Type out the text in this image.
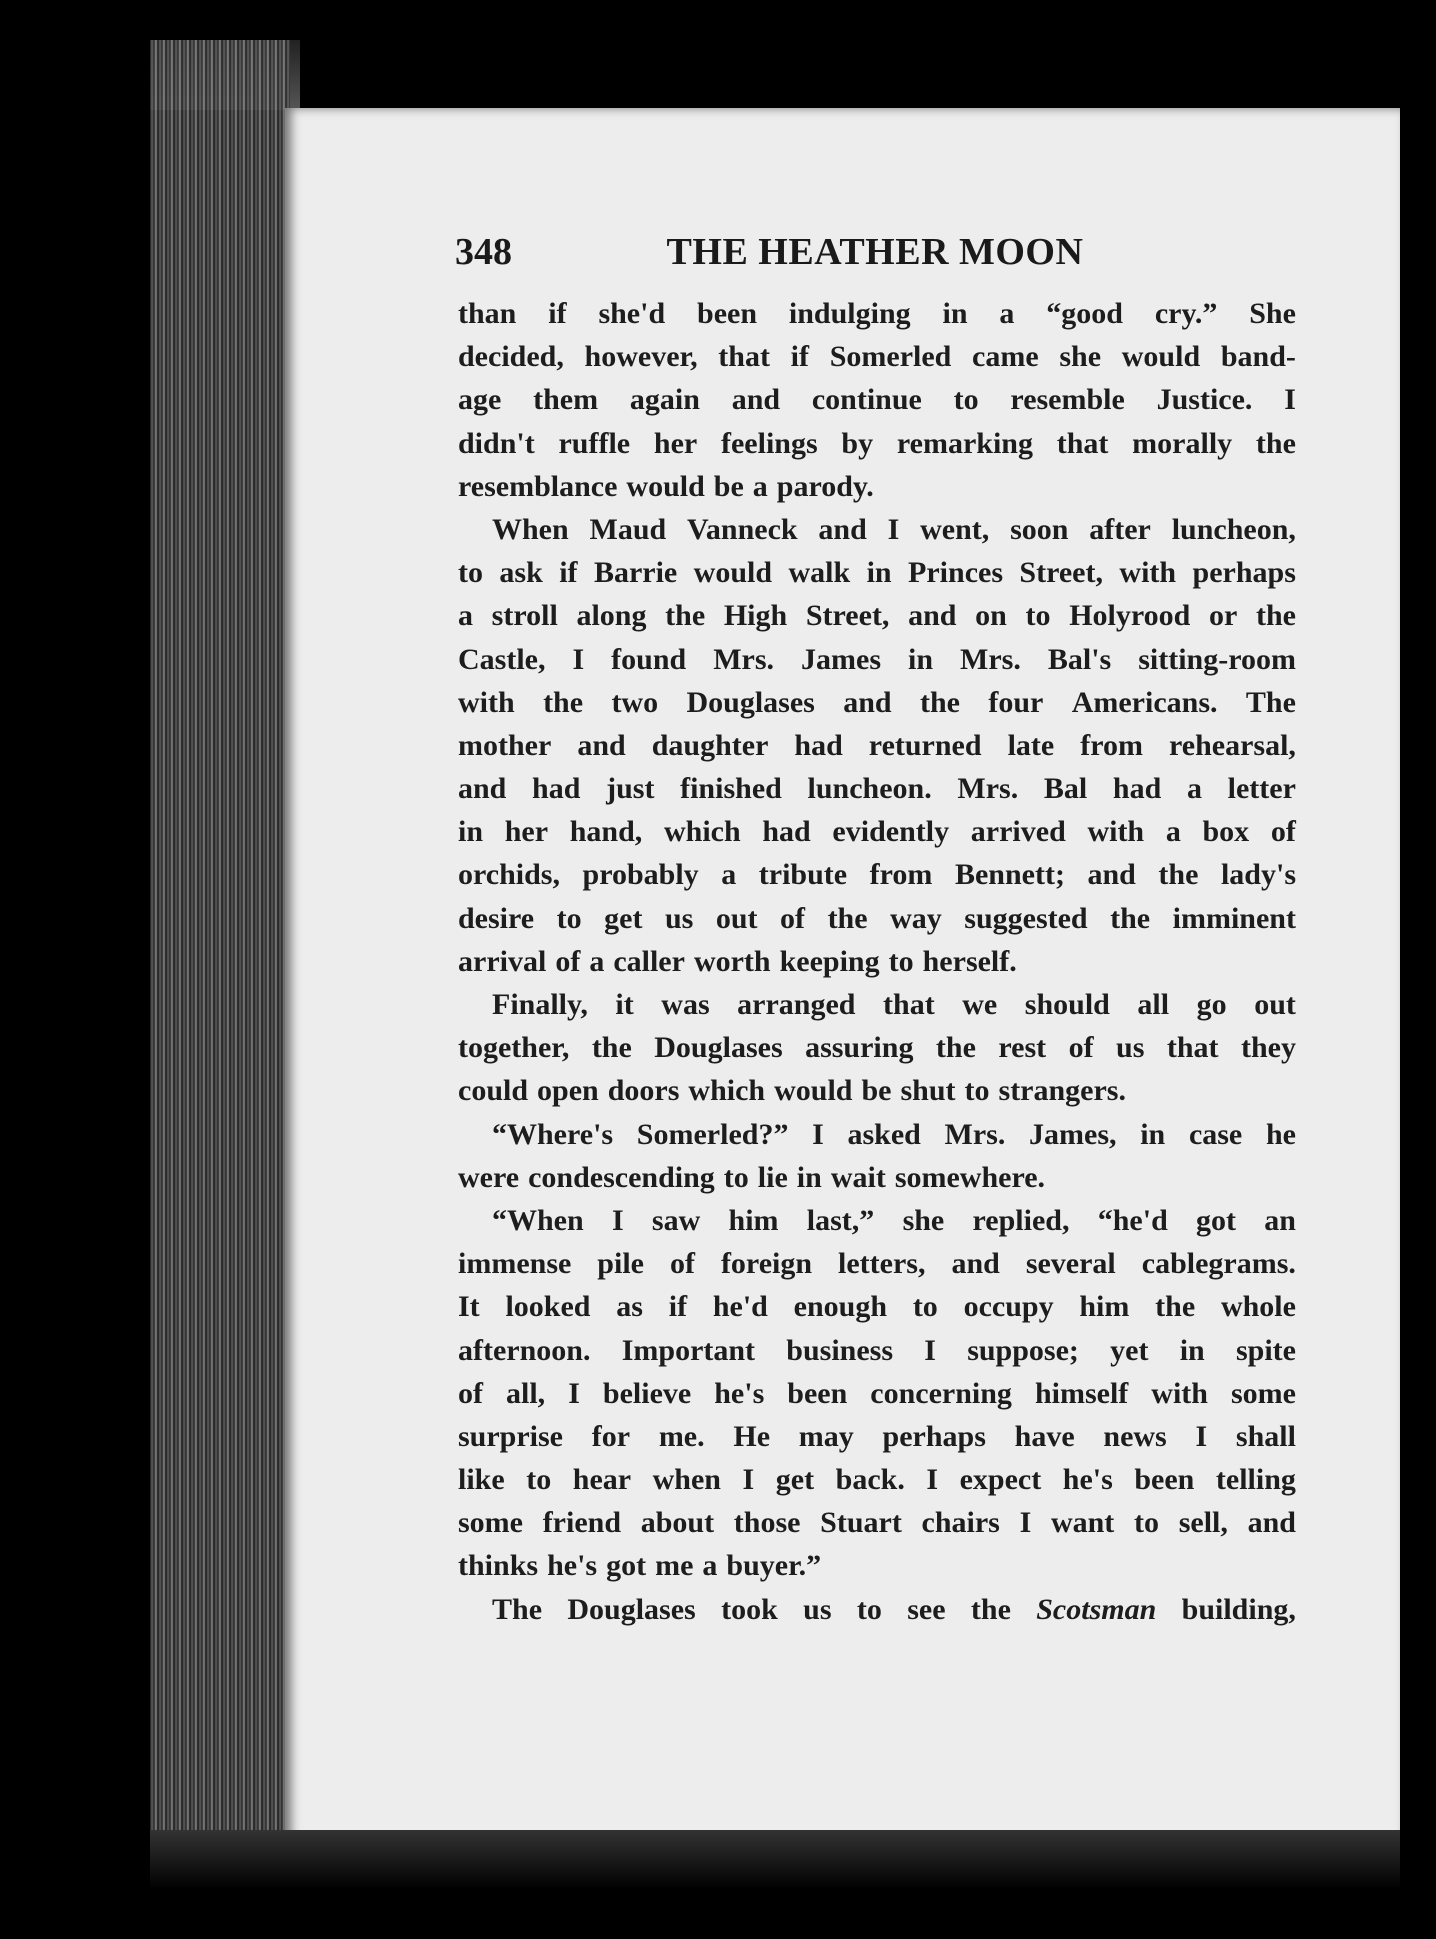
348	THE HEATHER MOON
than if she'd been indulging in a “good cry.” She
decided, however, that if Somerled came she would band-
age them again and continue to resemble Justice. I
didn't ruffle her feelings by remarking that morally the
resemblance would be a parody.
When Maud Vanneck and I went, soon after luncheon,
to ask if Barrie would walk in Princes Street, with perhaps
a stroll along the High Street, and on to Holyrood or the
Castle, I found Mrs. James in Mrs. Bal's sitting-room
with the two Douglases and the four Americans. The
mother and daughter had returned late from rehearsal,
and had just finished luncheon. Mrs. Bal had a letter
in her hand, which had evidently arrived with a box of
orchids, probably a tribute from Bennett; and the lady's
desire to get us out of the way suggested the imminent
arrival of a caller worth keeping to herself.
Finally, it was arranged that we should all go out
together, the Douglases assuring the rest of us that they
could open doors which would be shut to strangers.
“Where's Somerled?” I asked Mrs. James, in case he
were condescending to lie in wait somewhere.
“When I saw him last,” she replied, “he'd got an
immense pile of foreign letters, and several cablegrams.
It looked as if he'd enough to occupy him the whole
afternoon. Important business I suppose; yet in spite
of all, I believe he's been concerning himself with some
surprise for me. He may perhaps have news I shall
like to hear when I get back. I expect he's been telling
some friend about those Stuart chairs I want to sell, and
thinks he's got me a buyer.”
The Douglases took us to see the Scotsman building,
